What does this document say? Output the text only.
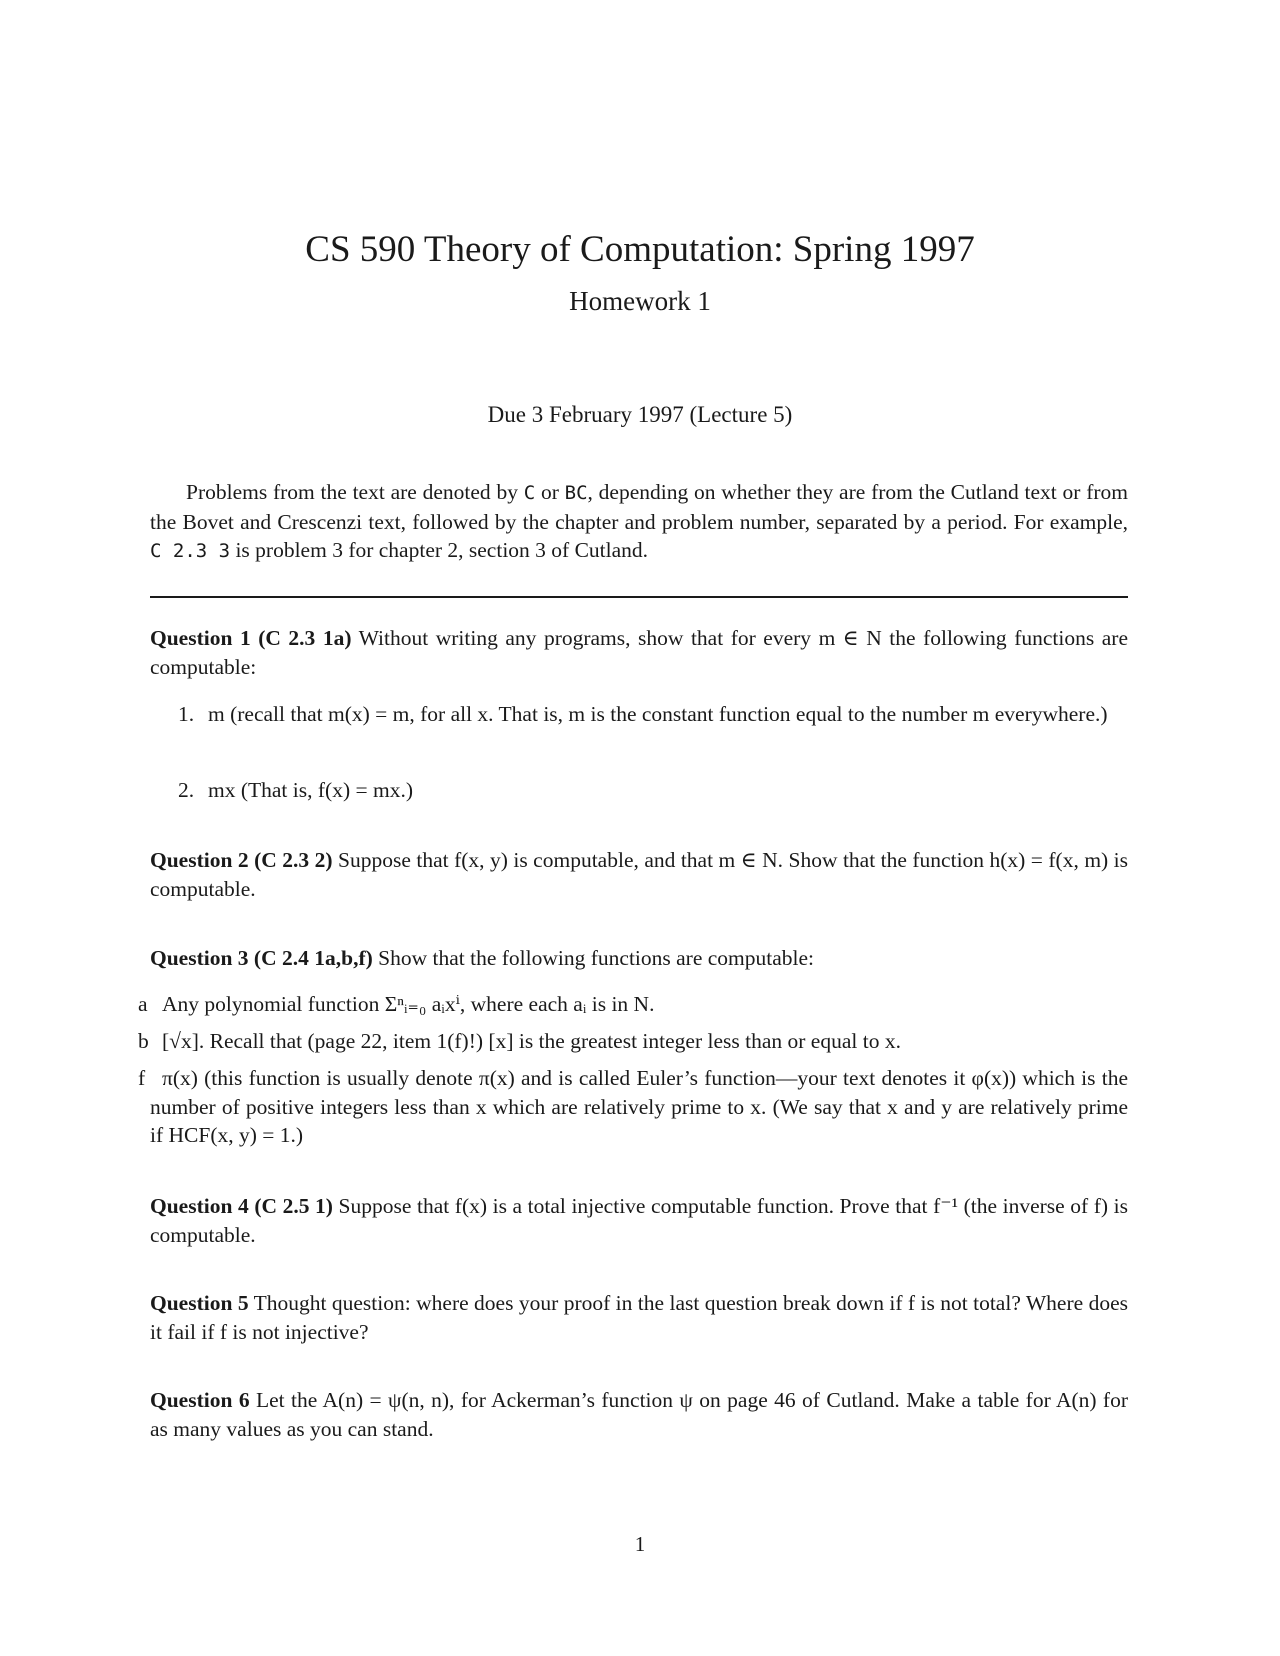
CS 590 Theory of Computation: Spring 1997
Homework 1
Due 3 February 1997 (Lecture 5)
Problems from the text are denoted by C or BC, depending on whether they are from the Cutland text or from the Bovet and Crescenzi text, followed by the chapter and problem number, separated by a period. For example, C 2.3 3 is problem 3 for chapter 2, section 3 of Cutland.
Question 1 (C 2.3 1a) Without writing any programs, show that for every m ∈ N the following functions are computable:
1. m (recall that m(x) = m, for all x. That is, m is the constant function equal to the number m everywhere.)
2. mx (That is, f(x) = mx.)
Question 2 (C 2.3 2) Suppose that f(x, y) is computable, and that m ∈ N. Show that the function h(x) = f(x, m) is computable.
Question 3 (C 2.4 1a,b,f) Show that the following functions are computable:
a Any polynomial function Σⁿᵢ₌₀ aᵢxⁱ, where each aᵢ is in N.
b [√x]. Recall that (page 22, item 1(f)!) [x] is the greatest integer less than or equal to x.
f π(x) (this function is usually denote π(x) and is called Euler’s function—your text denotes it φ(x)) which is the number of positive integers less than x which are relatively prime to x. (We say that x and y are relatively prime if HCF(x, y) = 1.)
Question 4 (C 2.5 1) Suppose that f(x) is a total injective computable function. Prove that f⁻¹ (the inverse of f) is computable.
Question 5 Thought question: where does your proof in the last question break down if f is not total? Where does it fail if f is not injective?
Question 6 Let the A(n) = ψ(n, n), for Ackerman’s function ψ on page 46 of Cutland. Make a table for A(n) for as many values as you can stand.
1
